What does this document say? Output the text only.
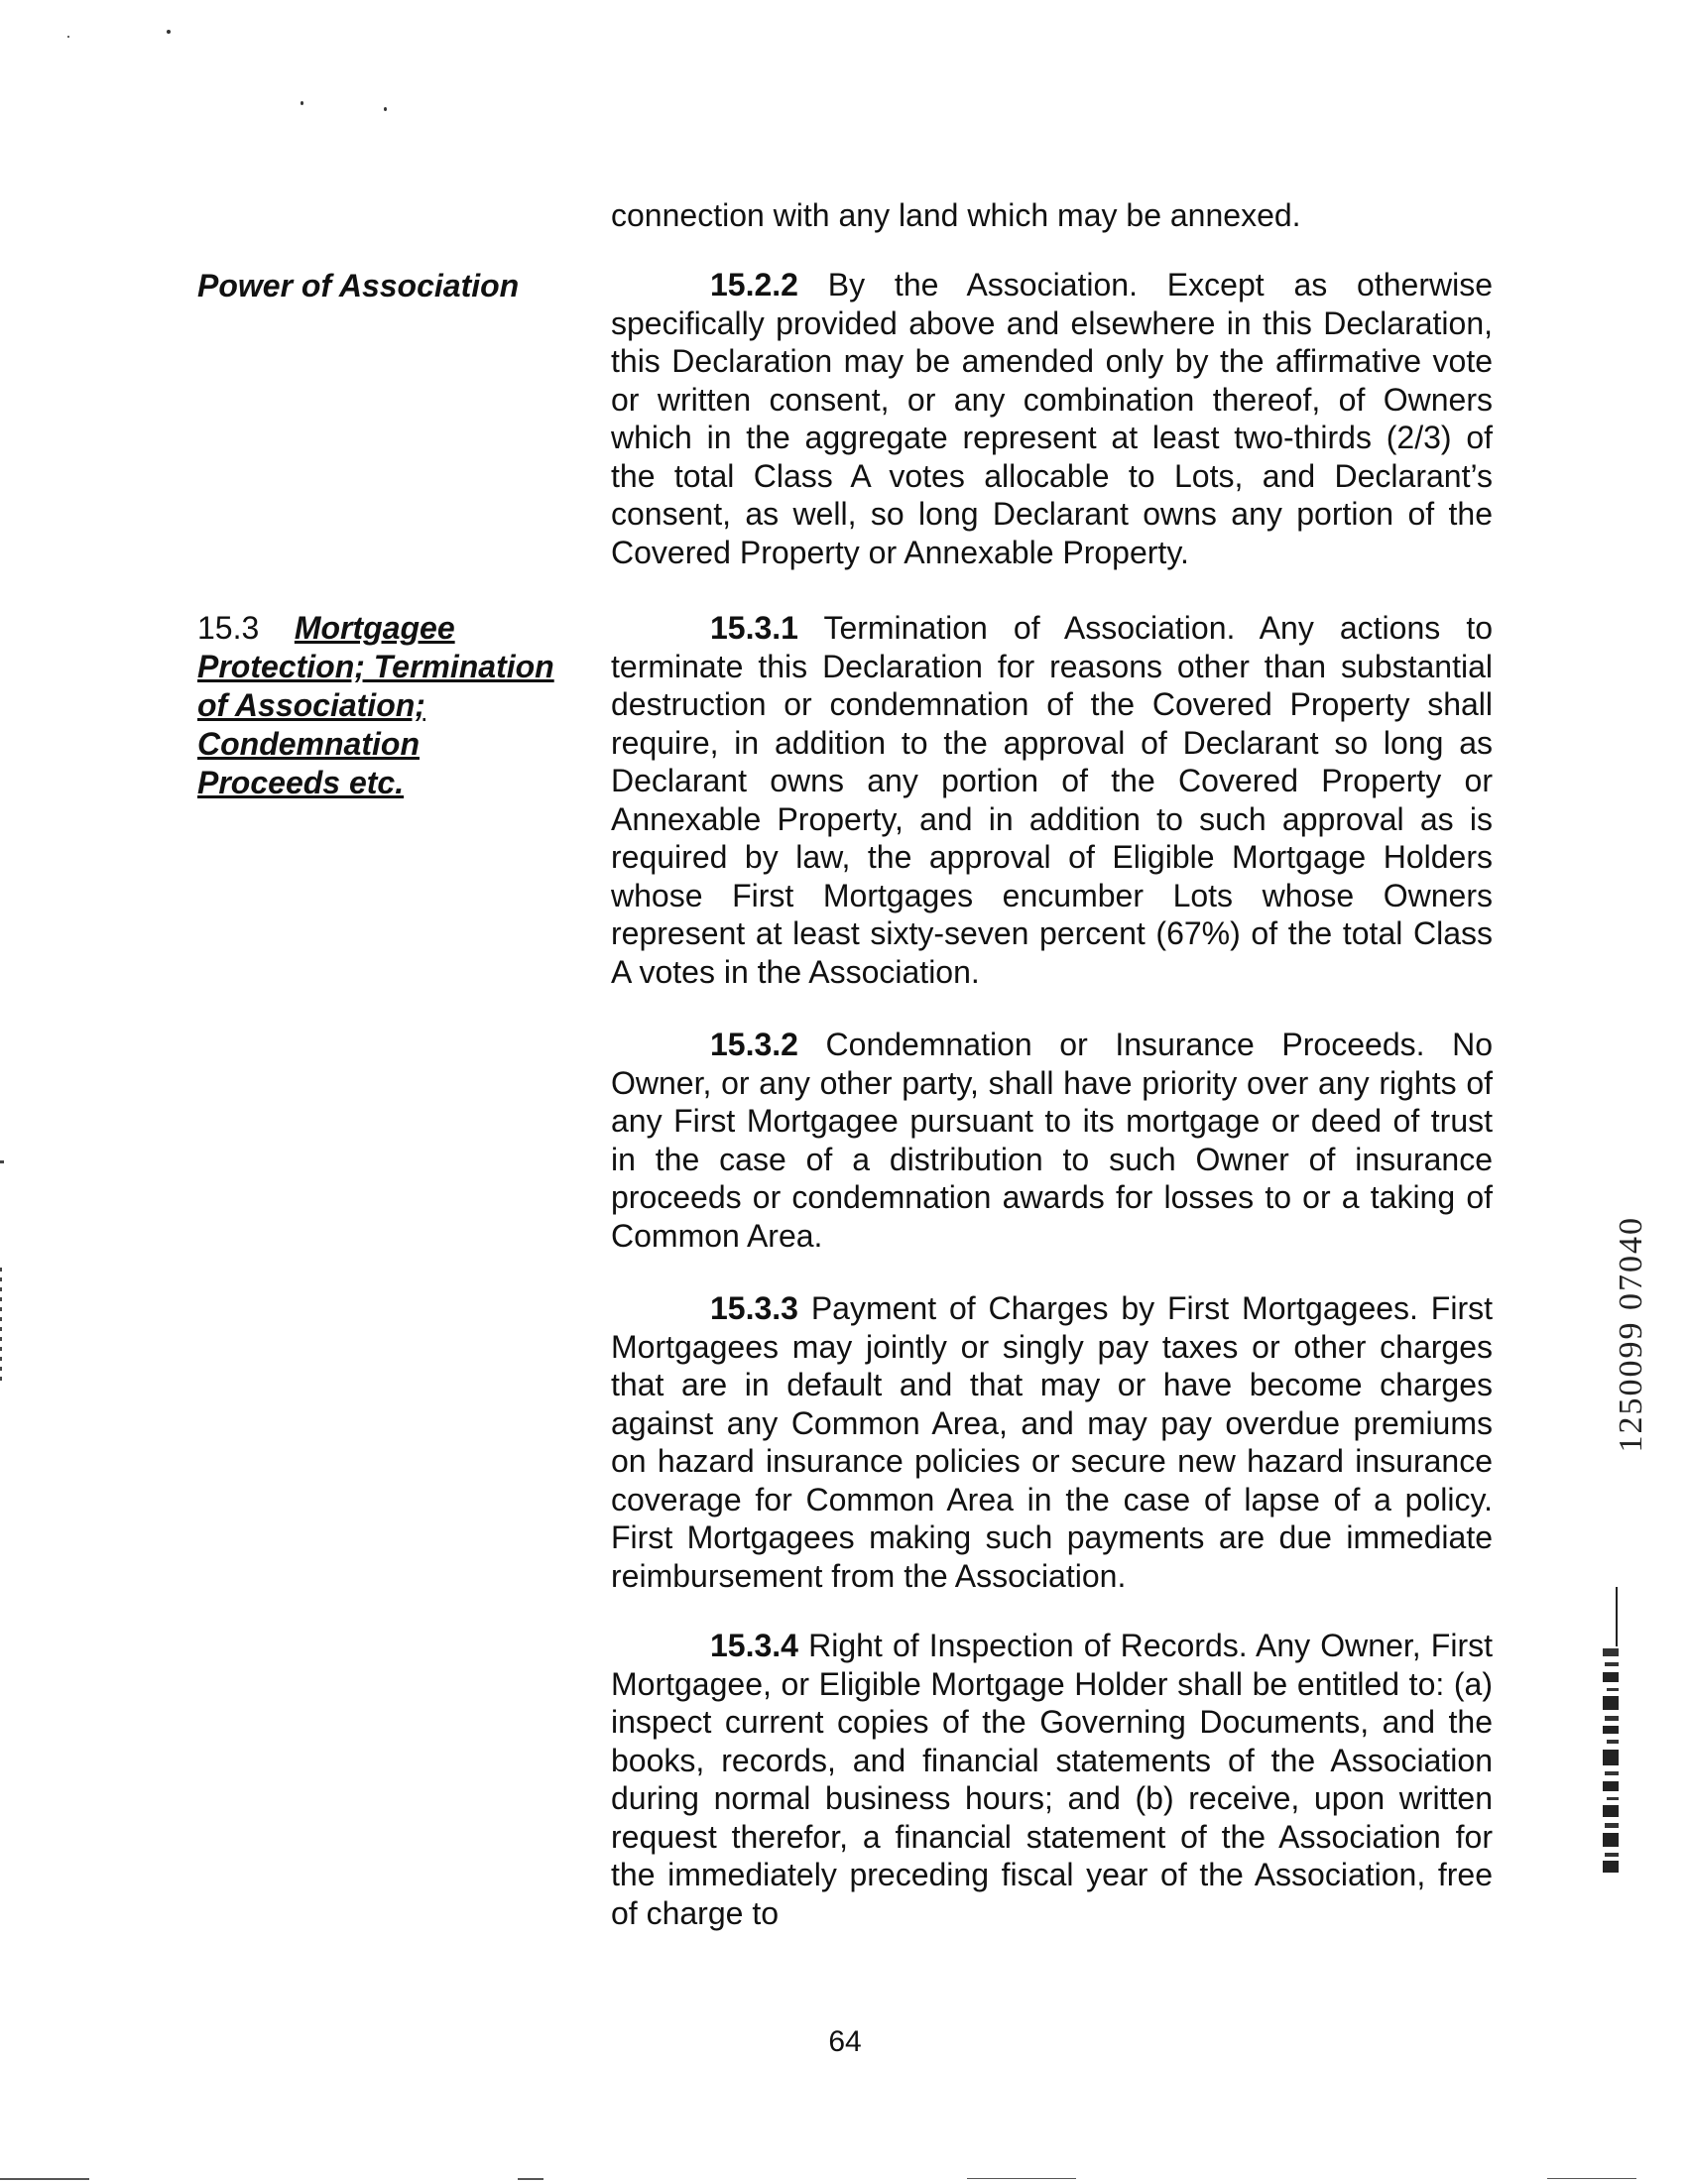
Power of Association

15.3 Mortgagee
Protection; Termination
of Association;
Condemnation
Proceeds etc.

connection with any land which may be annexed.

15.2.2 By the Association. Except as otherwise specifically provided above and elsewhere in this Declaration, this Declaration may be amended only by the affirmative vote or written consent, or any combination thereof, of Owners which in the aggregate represent at least two-thirds (2/3) of the total Class A votes allocable to Lots, and Declarant’s consent, as well, so long Declarant owns any portion of the Covered Property or Annexable Property.

15.3.1 Termination of Association. Any actions to terminate this Declaration for reasons other than substantial destruction or condemnation of the Covered Property shall require, in addition to the approval of Declarant so long as Declarant owns any portion of the Covered Property or Annexable Property, and in addition to such approval as is required by law, the approval of Eligible Mortgage Holders whose First Mortgages encumber Lots whose Owners represent at least sixty-seven percent (67%) of the total Class A votes in the Association.

15.3.2 Condemnation or Insurance Proceeds. No Owner, or any other party, shall have priority over any rights of any First Mortgagee pursuant to its mortgage or deed of trust in the case of a distribution to such Owner of insurance proceeds or condemnation awards for losses to or a taking of Common Area.

15.3.3 Payment of Charges by First Mortgagees. First Mortgagees may jointly or singly pay taxes or other charges that are in default and that may or have become charges against any Common Area, and may pay overdue premiums on hazard insurance policies or secure new hazard insurance coverage for Common Area in the case of lapse of a policy. First Mortgagees making such payments are due immediate reimbursement from the Association.

15.3.4 Right of Inspection of Records. Any Owner, First Mortgagee, or Eligible Mortgage Holder shall be entitled to: (a) inspect current copies of the Governing Documents, and the books, records, and financial statements of the Association during normal business hours; and (b) receive, upon written request therefor, a financial statement of the Association for the immediately preceding fiscal year of the Association, free of charge to

64
1250099 07040
